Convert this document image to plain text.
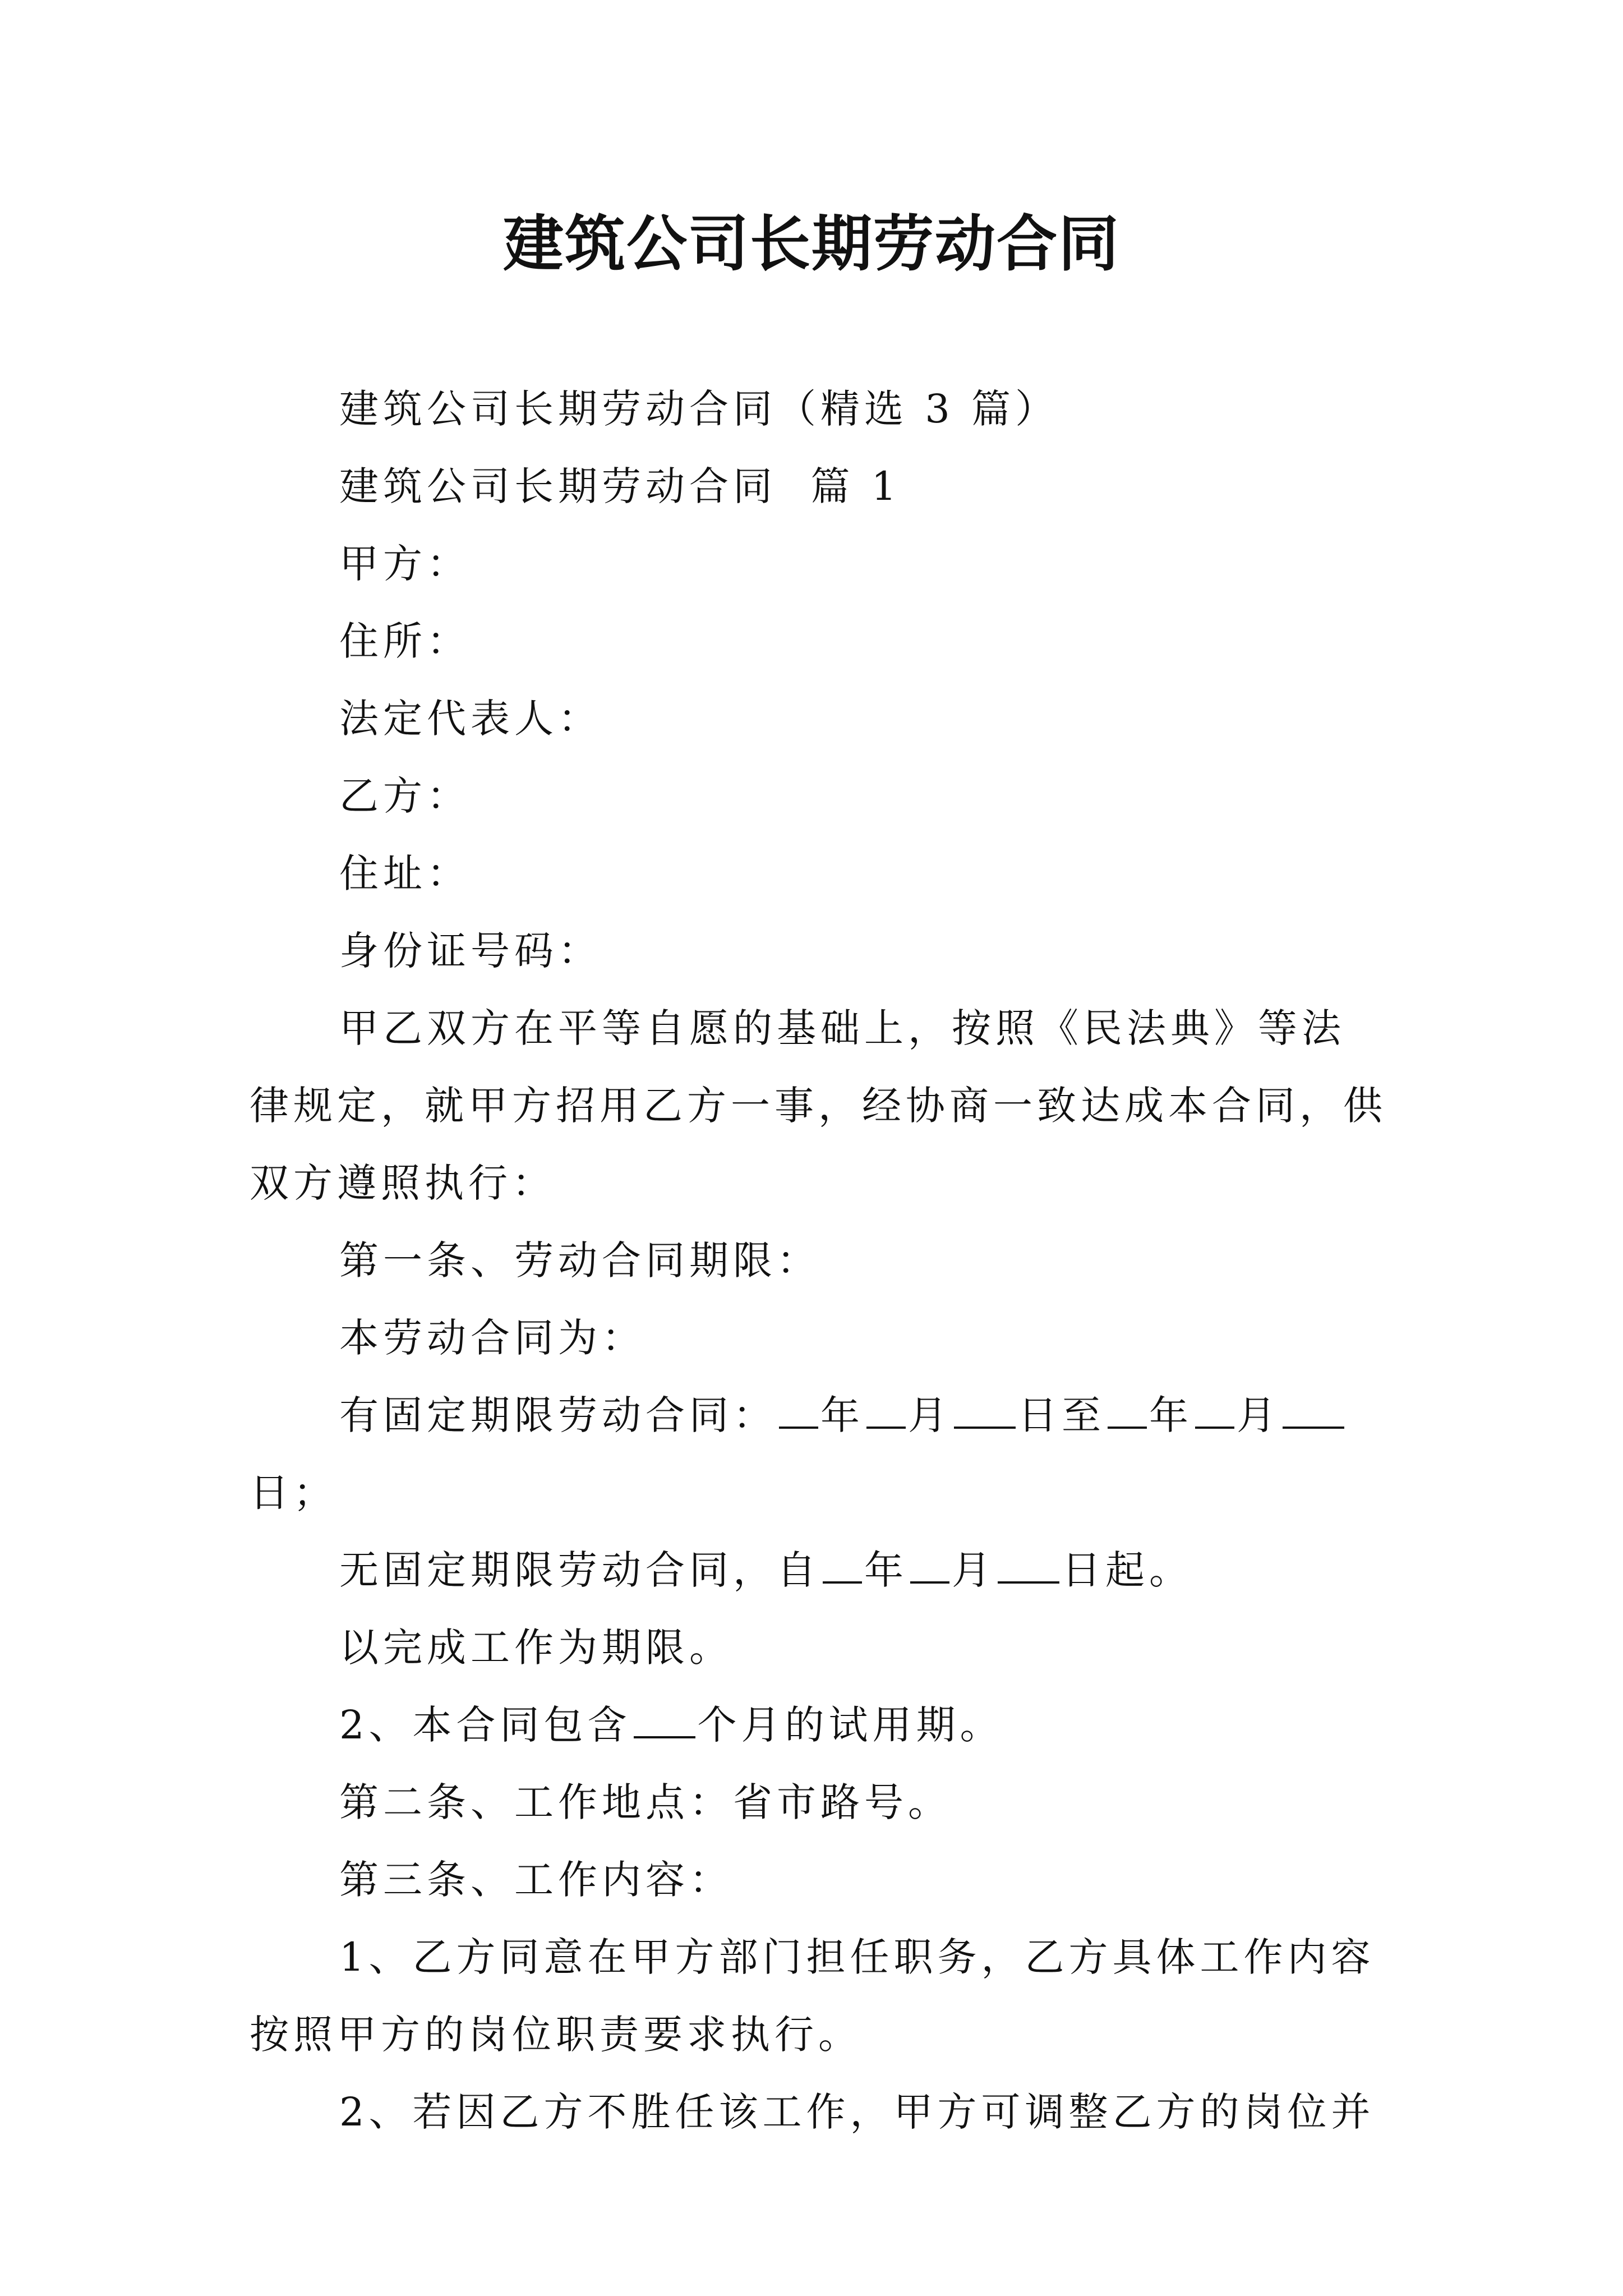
建筑公司长期劳动合同

建筑公司长期劳动合同（精选 3 篇）

建筑公司长期劳动合同  篇 1

甲方：

住所：

法定代表人：

乙方：

住址：

身份证号码：

甲乙双方在平等自愿的基础上，按照《民法典》等法律规定，就甲方招用乙方一事，经协商一致达成本合同，供双方遵照执行：

第一条、劳动合同期限：

本劳动合同为：

有固定期限劳动合同： 年 月 日至 年 月日；

无固定期限劳动合同，自 年 月 日起。

以完成工作为期限。

2、本合同包含 个月的试用期。

第二条、工作地点：省市路号。

第三条、工作内容：

1、乙方同意在甲方部门担任职务，乙方具体工作内容按照甲方的岗位职责要求执行。

2、若因乙方不胜任该工作，甲方可调整乙方的岗位并
